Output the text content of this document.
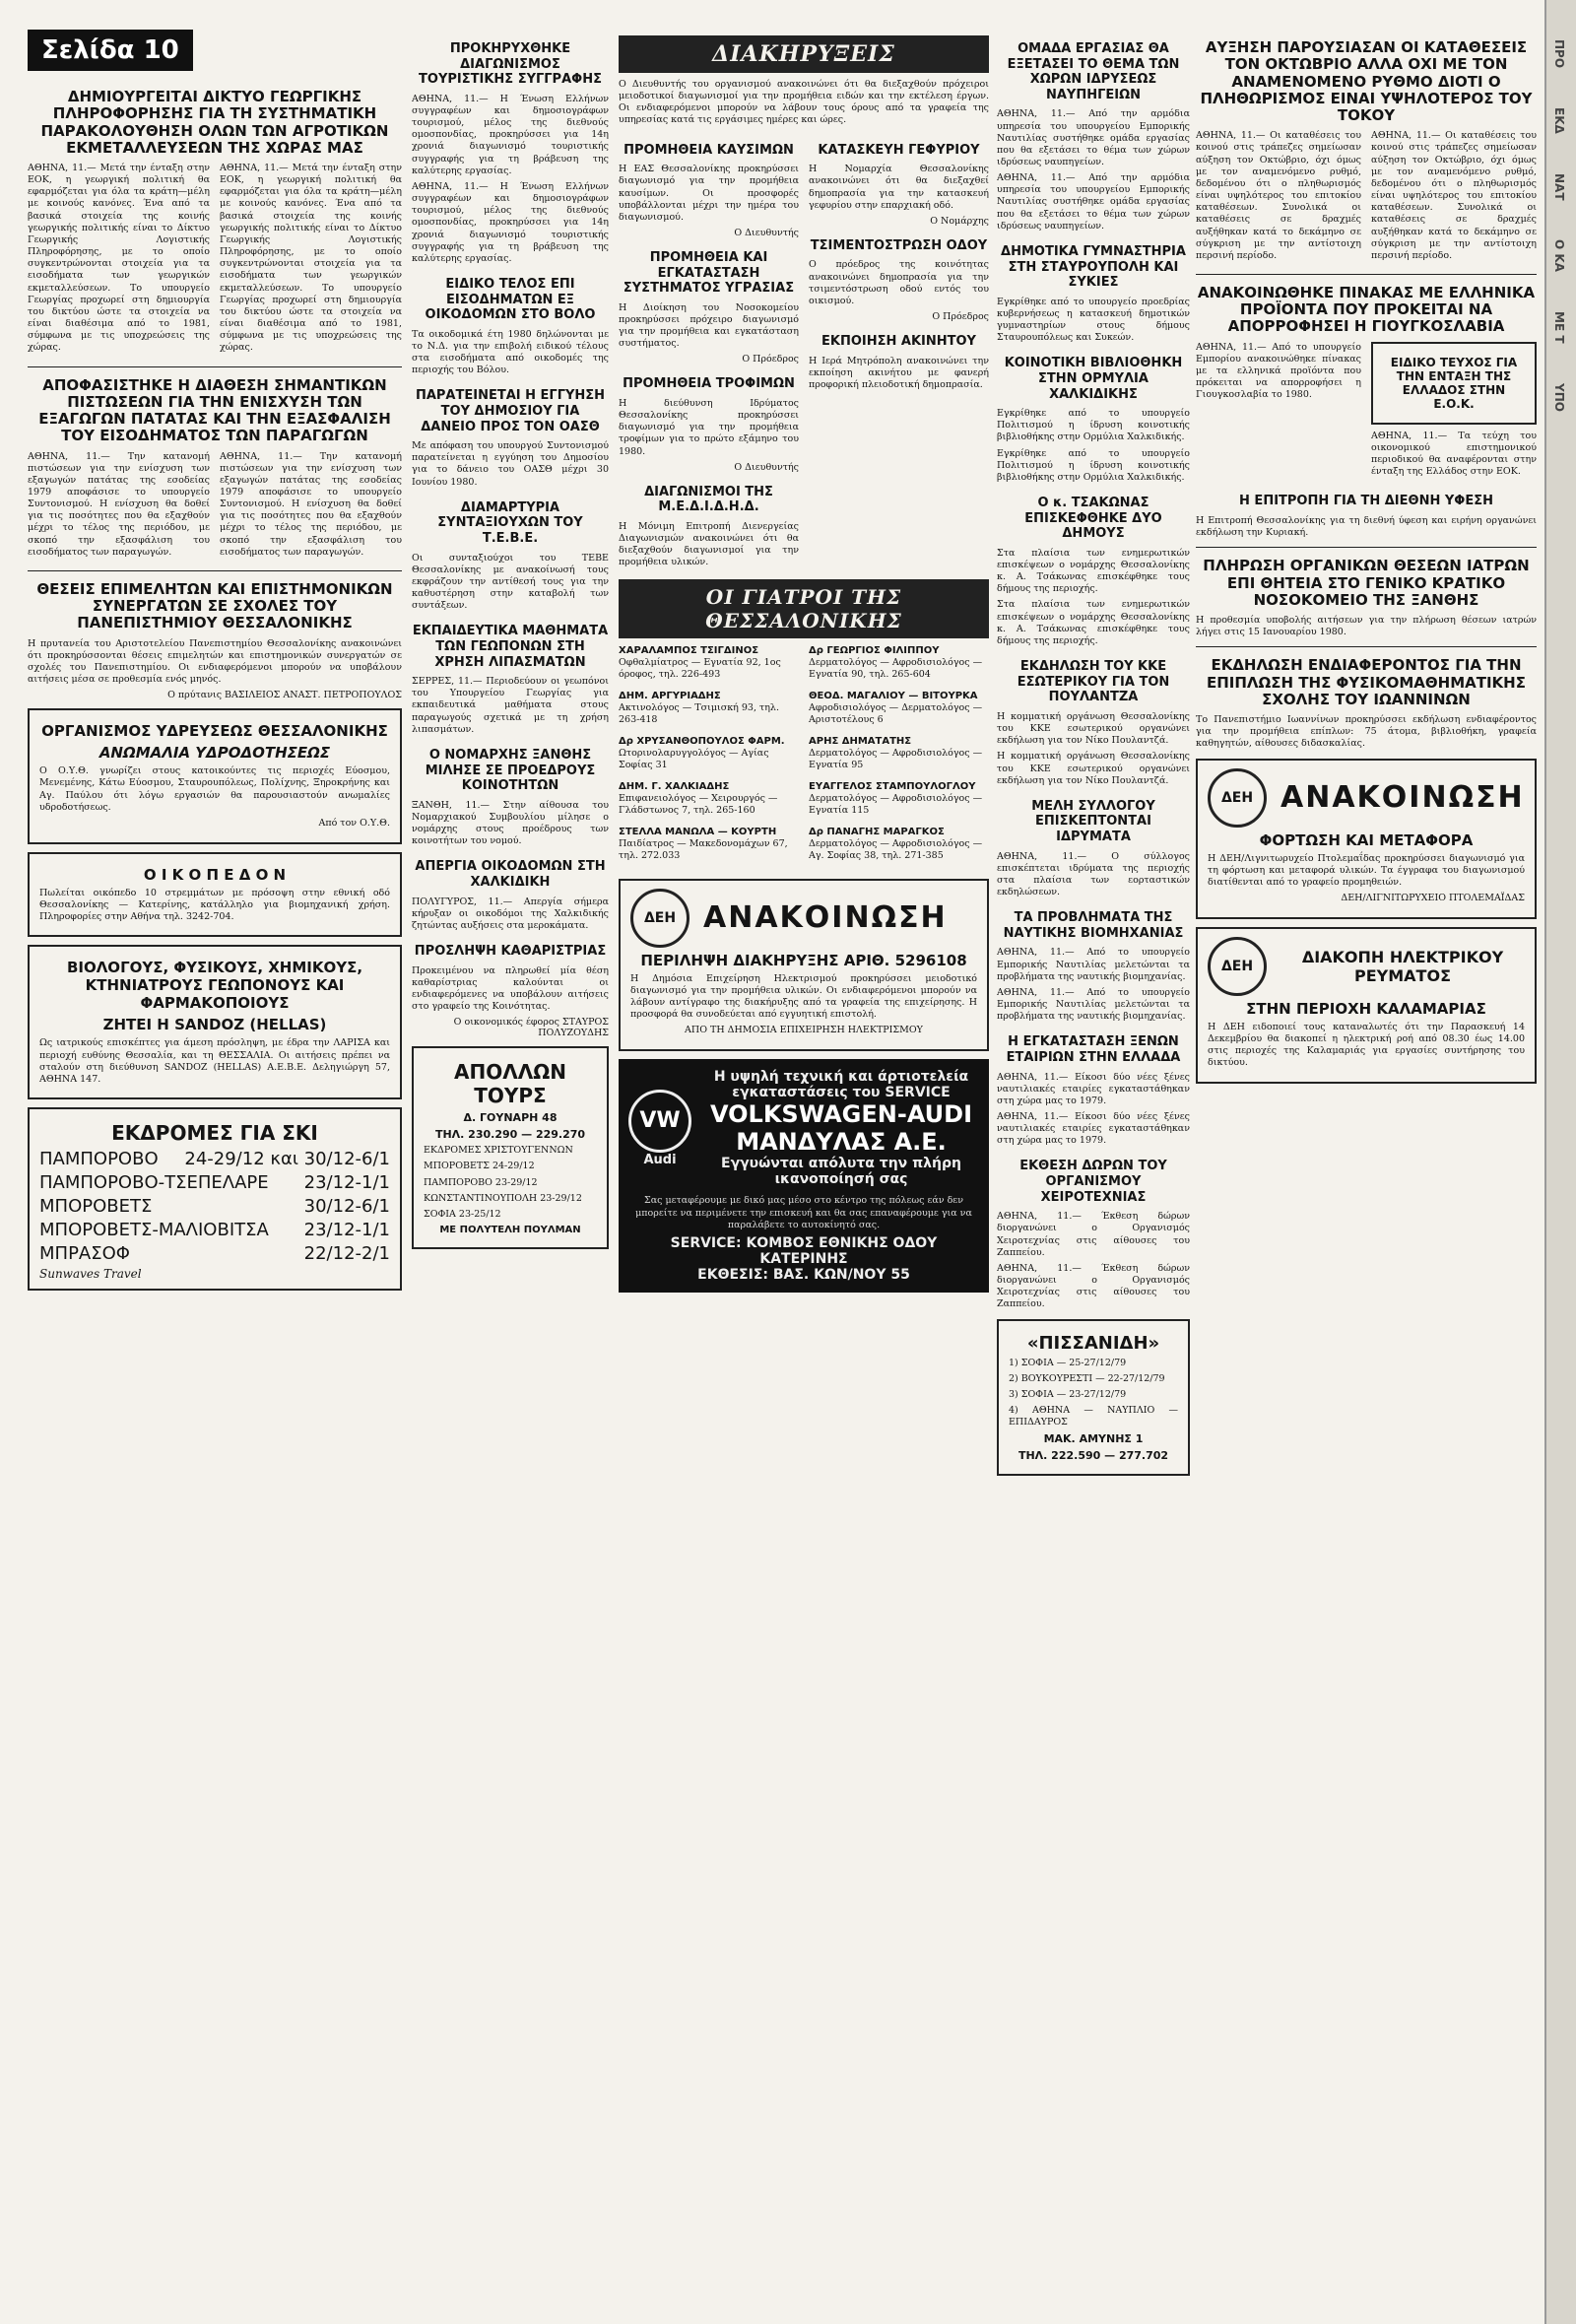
ΠΡΟ
ΕΚΔ
ΝΑΤ
Ο ΚΑ
ΜΕ Τ
ΥΠΟ
Σελίδα 10
ΔΗΜΙΟΥΡΓΕΙΤΑΙ ΔΙΚΤΥΟ ΓΕΩΡΓΙΚΗΣ ΠΛΗΡΟΦΟΡΗΣΗΣ ΓΙΑ ΤΗ ΣΥΣΤΗΜΑΤΙΚΗ ΠΑΡΑΚΟΛΟΥΘΗΣΗ ΟΛΩΝ ΤΩΝ ΑΓΡΟΤΙΚΩΝ ΕΚΜΕΤΑΛΛΕΥΣΕΩΝ ΤΗΣ ΧΩΡΑΣ ΜΑΣ

ΑΘΗΝΑ, 11.— Μετά την ένταξη στην ΕΟΚ, η γεωργική πολιτική θα εφαρμόζεται για όλα τα κράτη—μέλη με κοινούς κανόνες. Ένα από τα βασικά στοιχεία της κοινής γεωργικής πολιτικής είναι το Δίκτυο Γεωργικής Λογιστικής Πληροφόρησης, με το οποίο συγκεντρώνονται στοιχεία για τα εισοδήματα των γεωργικών εκμεταλλεύσεων. Το υπουργείο Γεωργίας προχωρεί στη δημιουργία του δικτύου ώστε τα στοιχεία να είναι διαθέσιμα από το 1981, σύμφωνα με τις υποχρεώσεις της χώρας.

ΑΘΗΝΑ, 11.— Μετά την ένταξη στην ΕΟΚ, η γεωργική πολιτική θα εφαρμόζεται για όλα τα κράτη—μέλη με κοινούς κανόνες. Ένα από τα βασικά στοιχεία της κοινής γεωργικής πολιτικής είναι το Δίκτυο Γεωργικής Λογιστικής Πληροφόρησης, με το οποίο συγκεντρώνονται στοιχεία για τα εισοδήματα των γεωργικών εκμεταλλεύσεων. Το υπουργείο Γεωργίας προχωρεί στη δημιουργία του δικτύου ώστε τα στοιχεία να είναι διαθέσιμα από το 1981, σύμφωνα με τις υποχρεώσεις της χώρας.

ΑΠΟΦΑΣΙΣΤΗΚΕ Η ΔΙΑΘΕΣΗ ΣΗΜΑΝΤΙΚΩΝ ΠΙΣΤΩΣΕΩΝ ΓΙΑ ΤΗΝ ΕΝΙΣΧΥΣΗ ΤΩΝ ΕΞΑΓΩΓΩΝ ΠΑΤΑΤΑΣ ΚΑΙ ΤΗΝ ΕΞΑΣΦΑΛΙΣΗ ΤΟΥ ΕΙΣΟΔΗΜΑΤΟΣ ΤΩΝ ΠΑΡΑΓΩΓΩΝ

ΑΘΗΝΑ, 11.— Την κατανομή πιστώσεων για την ενίσχυση των εξαγωγών πατάτας της εσοδείας 1979 αποφάσισε το υπουργείο Συντονισμού. Η ενίσχυση θα δοθεί για τις ποσότητες που θα εξαχθούν μέχρι το τέλος της περιόδου, με σκοπό την εξασφάλιση του εισοδήματος των παραγωγών.

ΑΘΗΝΑ, 11.— Την κατανομή πιστώσεων για την ενίσχυση των εξαγωγών πατάτας της εσοδείας 1979 αποφάσισε το υπουργείο Συντονισμού. Η ενίσχυση θα δοθεί για τις ποσότητες που θα εξαχθούν μέχρι το τέλος της περιόδου, με σκοπό την εξασφάλιση του εισοδήματος των παραγωγών.

ΘΕΣΕΙΣ ΕΠΙΜΕΛΗΤΩΝ ΚΑΙ ΕΠΙΣΤΗΜΟΝΙΚΩΝ ΣΥΝΕΡΓΑΤΩΝ ΣΕ ΣΧΟΛΕΣ ΤΟΥ ΠΑΝΕΠΙΣΤΗΜΙΟΥ ΘΕΣΣΑΛΟΝΙΚΗΣ

Η πρυτανεία του Αριστοτελείου Πανεπιστημίου Θεσσαλονίκης ανακοινώνει ότι προκηρύσσονται θέσεις επιμελητών και επιστημονικών συνεργατών σε σχολές του Πανεπιστημίου. Οι ενδιαφερόμενοι μπορούν να υποβάλουν αιτήσεις μέσα σε προθεσμία ενός μηνός.

Ο πρύτανις ΒΑΣΙΛΕΙΟΣ ΑΝΑΣΤ. ΠΕΤΡΟΠΟΥΛΟΣ
ΟΡΓΑΝΙΣΜΟΣ ΥΔΡΕΥΣΕΩΣ ΘΕΣΣΑΛΟΝΙΚΗΣ
ΑΝΩΜΑΛΙΑ ΥΔΡΟΔΟΤΗΣΕΩΣ

Ο Ο.Υ.Θ. γνωρίζει στους κατοικούντες τις περιοχές Εύοσμου, Μενεμένης, Κάτω Εύοσμου, Σταυρουπόλεως, Πολίχνης, Ξηροκρήνης και Αγ. Παύλου ότι λόγω εργασιών θα παρουσιαστούν ανωμαλίες υδροδοτήσεως.

Από τον Ο.Υ.Θ.
Ο Ι Κ Ο Π Ε Δ Ο Ν

Πωλείται οικόπεδο 10 στρεμμάτων με πρόσοψη στην εθνική οδό Θεσσαλονίκης — Κατερίνης, κατάλληλο για βιομηχανική χρήση. Πληροφορίες στην Αθήνα τηλ. 3242-704.

ΒΙΟΛΟΓΟΥΣ, ΦΥΣΙΚΟΥΣ, ΧΗΜΙΚΟΥΣ, ΚΤΗΝΙΑΤΡΟΥΣ ΓΕΩΠΟΝΟΥΣ ΚΑΙ ΦΑΡΜΑΚΟΠΟΙΟΥΣ
ΖΗΤΕΙ Η SANDOZ (HELLAS)

Ως ιατρικούς επισκέπτες για άμεση πρόσληψη, με έδρα την ΛΑΡΙΣΑ και περιοχή ευθύνης Θεσσαλία, και τη ΘΕΣΣΑΛΙΑ. Οι αιτήσεις πρέπει να σταλούν στη διεύθυνση SANDOZ (HELLAS) Α.Ε.Β.Ε. Δεληγιώργη 57, ΑΘΗΝΑ 147.

ΕΚΔΡΟΜΕΣ ΓΙΑ ΣΚΙ
ΠΑΜΠΟΡΟΒΟ 24-29/12 και 30/12-6/1
ΠΑΜΠΟΡΟΒΟ-ΤΣΕΠΕΛΑΡΕ 23/12-1/1
ΜΠΟΡΟΒΕΤΣ	30/12-6/1
ΜΠΟΡΟΒΕΤΣ-ΜΑΛΙΟΒΙΤΣΑ 23/12-1/1
ΜΠΡΑΣΟΦ	22/12-2/1
Sunwaves Travel
ΠΡΟΚΗΡΥΧΘΗΚΕ ΔΙΑΓΩΝΙΣΜΟΣ ΤΟΥΡΙΣΤΙΚΗΣ ΣΥΓΓΡΑΦΗΣ

ΑΘΗΝΑ, 11.— Η Ένωση Ελλήνων συγγραφέων και δημοσιογράφων τουρισμού, μέλος της διεθνούς ομοσπονδίας, προκηρύσσει για 14η χρονιά διαγωνισμό τουριστικής συγγραφής για τη βράβευση της καλύτερης εργασίας.

ΑΘΗΝΑ, 11.— Η Ένωση Ελλήνων συγγραφέων και δημοσιογράφων τουρισμού, μέλος της διεθνούς ομοσπονδίας, προκηρύσσει για 14η χρονιά διαγωνισμό τουριστικής συγγραφής για τη βράβευση της καλύτερης εργασίας.

ΕΙΔΙΚΟ ΤΕΛΟΣ ΕΠΙ ΕΙΣΟΔΗΜΑΤΩΝ ΕΞ ΟΙΚΟΔΟΜΩΝ ΣΤΟ ΒΟΛΟ

Τα οικοδομικά έτη 1980 δηλώνονται με το Ν.Δ. για την επιβολή ειδικού τέλους στα εισοδήματα από οικοδομές της περιοχής του Βόλου.

ΠΑΡΑΤΕΙΝΕΤΑΙ Η ΕΓΓΥΗΣΗ ΤΟΥ ΔΗΜΟΣΙΟΥ ΓΙΑ ΔΑΝΕΙΟ ΠΡΟΣ ΤΟΝ ΟΑΣΘ

Με απόφαση του υπουργού Συντονισμού παρατείνεται η εγγύηση του Δημοσίου για το δάνειο του ΟΑΣΘ μέχρι 30 Ιουνίου 1980.

ΔΙΑΜΑΡΤΥΡΙΑ ΣΥΝΤΑΞΙΟΥΧΩΝ ΤΟΥ Τ.Ε.Β.Ε.

Οι συνταξιούχοι του ΤΕΒΕ Θεσσαλονίκης με ανακοίνωσή τους εκφράζουν την αντίθεσή τους για την καθυστέρηση στην καταβολή των συντάξεων.

ΕΚΠΑΙΔΕΥΤΙΚΑ ΜΑΘΗΜΑΤΑ ΤΩΝ ΓΕΩΠΟΝΩΝ ΣΤΗ ΧΡΗΣΗ ΛΙΠΑΣΜΑΤΩΝ

ΣΕΡΡΕΣ, 11.— Περιοδεύουν οι γεωπόνοι του Υπουργείου Γεωργίας για εκπαιδευτικά μαθήματα στους παραγωγούς σχετικά με τη χρήση λιπασμάτων.

Ο ΝΟΜΑΡΧΗΣ ΞΑΝΘΗΣ ΜΙΛΗΣΕ ΣΕ ΠΡΟΕΔΡΟΥΣ ΚΟΙΝΟΤΗΤΩΝ

ΞΑΝΘΗ, 11.— Στην αίθουσα του Νομαρχιακού Συμβουλίου μίλησε ο νομάρχης στους προέδρους των κοινοτήτων του νομού.

ΑΠΕΡΓΙΑ ΟΙΚΟΔΟΜΩΝ ΣΤΗ ΧΑΛΚΙΔΙΚΗ

ΠΟΛΥΓΥΡΟΣ, 11.— Απεργία σήμερα κήρυξαν οι οικοδόμοι της Χαλκιδικής ζητώντας αυξήσεις στα μεροκάματα.

ΠΡΟΣΛΗΨΗ ΚΑΘΑΡΙΣΤΡΙΑΣ

Προκειμένου να πληρωθεί μία θέση καθαρίστριας καλούνται οι ενδιαφερόμενες να υποβάλουν αιτήσεις στο γραφείο της Κοινότητας.

Ο οικονομικός έφορος ΣΤΑΥΡΟΣ ΠΟΛΥΖΟΥΔΗΣ
ΑΠΟΛΛΩΝ ΤΟΥΡΣ
Δ. ΓΟΥΝΑΡΗ 48
ΤΗΛ. 230.290 — 229.270

ΕΚΔΡΟΜΕΣ ΧΡΙΣΤΟΥΓΕΝΝΩΝ

ΜΠΟΡΟΒΕΤΣ 24-29/12

ΠΑΜΠΟΡΟΒΟ 23-29/12

ΚΩΝΣΤΑΝΤΙΝΟΥΠΟΛΗ 23-29/12

ΣΟΦΙΑ 23-25/12

ΜΕ ΠΟΛΥΤΕΛΗ ΠΟΥΛΜΑΝ
ΔΙΑΚΗΡΥΞΕΙΣ

Ο Διευθυντής του οργανισμού ανακοινώνει ότι θα διεξαχθούν πρόχειροι μειοδοτικοί διαγωνισμοί για την προμήθεια ειδών και την εκτέλεση έργων. Οι ενδιαφερόμενοι μπορούν να λάβουν τους όρους από τα γραφεία της υπηρεσίας κατά τις εργάσιμες ημέρες και ώρες.

ΠΡΟΜΗΘΕΙΑ ΚΑΥΣΙΜΩΝ

Η ΕΑΣ Θεσσαλονίκης προκηρύσσει διαγωνισμό για την προμήθεια καυσίμων. Οι προσφορές υποβάλλονται μέχρι την ημέρα του διαγωνισμού.

Ο Διευθυντής
ΠΡΟΜΗΘΕΙΑ ΚΑΙ ΕΓΚΑΤΑΣΤΑΣΗ ΣΥΣΤΗΜΑΤΟΣ ΥΓΡΑΣΙΑΣ

Η Διοίκηση του Νοσοκομείου προκηρύσσει πρόχειρο διαγωνισμό για την προμήθεια και εγκατάσταση συστήματος.

Ο Πρόεδρος
ΠΡΟΜΗΘΕΙΑ ΤΡΟΦΙΜΩΝ

Η διεύθυνση Ιδρύματος Θεσσαλονίκης προκηρύσσει διαγωνισμό για την προμήθεια τροφίμων για το πρώτο εξάμηνο του 1980.

Ο Διευθυντής
ΔΙΑΓΩΝΙΣΜΟΙ ΤΗΣ Μ.Ε.Δ.Ι.Δ.Η.Δ.

Η Μόνιμη Επιτροπή Διενεργείας Διαγωνισμών ανακοινώνει ότι θα διεξαχθούν διαγωνισμοί για την προμήθεια υλικών.

ΚΑΤΑΣΚΕΥΗ ΓΕΦΥΡΙΟΥ

Η Νομαρχία Θεσσαλονίκης ανακοινώνει ότι θα διεξαχθεί δημοπρασία για την κατασκευή γεφυρίου στην επαρχιακή οδό.

Ο Νομάρχης
ΤΣΙΜΕΝΤΟΣΤΡΩΣΗ ΟΔΟΥ

Ο πρόεδρος της κοινότητας ανακοινώνει δημοπρασία για την τσιμεντόστρωση οδού εντός του οικισμού.

Ο Πρόεδρος
ΕΚΠΟΙΗΣΗ ΑΚΙΝΗΤΟΥ

Η Ιερά Μητρόπολη ανακοινώνει την εκποίηση ακινήτου με φανερή προφορική πλειοδοτική δημοπρασία.

ΟΙ ΓΙΑΤΡΟΙ ΤΗΣ ΘΕΣΣΑΛΟΝΙΚΗΣ
ΧΑΡΑΛΑΜΠΟΣ ΤΣΙΓΔΙΝΟΣ
Οφθαλμίατρος — Εγνατία 92, 1ος όροφος, τηλ. 226-493
ΔΗΜ. ΑΡΓΥΡΙΑΔΗΣ
Ακτινολόγος — Τσιμισκή 93, τηλ. 263-418
Δρ ΧΡΥΣΑΝΘΟΠΟΥΛΟΣ ΦΑΡΜ.
Ωτορινολαρυγγολόγος — Αγίας Σοφίας 31
ΔΗΜ. Γ. ΧΑΛΚΙΑΔΗΣ
Επιφανειολόγος — Χειρουργός — Γλάδστωνος 7, τηλ. 265-160
ΣΤΕΛΛΑ ΜΑΝΩΛΑ — ΚΟΥΡΤΗ
Παιδίατρος — Μακεδονομάχων 67, τηλ. 272.033
Δρ ΓΕΩΡΓΙΟΣ ΦΙΛΙΠΠΟΥ
Δερματολόγος — Αφροδισιολόγος — Εγνατία 90, τηλ. 265-604
ΘΕΟΔ. ΜΑΓΑΛΙΟΥ — ΒΙΤΟΥΡΚΑ
Αφροδισιολόγος — Δερματολόγος — Αριστοτέλους 6
ΑΡΗΣ ΔΗΜΑΤΑΤΗΣ
Δερματολόγος — Αφροδισιολόγος — Εγνατία 95
ΕΥΑΓΓΕΛΟΣ ΣΤΑΜΠΟΥΛΟΓΛΟΥ
Δερματολόγος — Αφροδισιολόγος — Εγνατία 115
Δρ ΠΑΝΑΓΗΣ ΜΑΡΑΓΚΟΣ
Δερματολόγος — Αφροδισιολόγος — Αγ. Σοφίας 38, τηλ. 271-385
ΔΕΗ ΑΝΑΚΟΙΝΩΣΗ
ΠΕΡΙΛΗΨΗ ΔΙΑΚΗΡΥΞΗΣ ΑΡΙΘ. 5296108

Η Δημόσια Επιχείρηση Ηλεκτρισμού προκηρύσσει μειοδοτικό διαγωνισμό για την προμήθεια υλικών. Οι ενδιαφερόμενοι μπορούν να λάβουν αντίγραφο της διακήρυξης από τα γραφεία της επιχείρησης. Η προσφορά θα συνοδεύεται από εγγυητική επιστολή.

ΑΠΟ ΤΗ ΔΗΜΟΣΙΑ ΕΠΙΧΕΙΡΗΣΗ ΗΛΕΚΤΡΙΣΜΟΥ
VW
Audi
Η υψηλή τεχνική και άρτιοτελεία εγκαταστάσεις του SERVICE
VOLKSWAGEN-AUDI
ΜΑΝΔΥΛΑΣ Α.Ε.
Εγγυώνται απόλυτα την πλήρη ικανοποίησή σας

Σας μεταφέρουμε με δικό μας μέσο στο κέντρο της πόλεως εάν δεν μπορείτε να περιμένετε την επισκευή και θα σας επαναφέρουμε για να παραλάβετε το αυτοκίνητό σας.

SERVICE: ΚΟΜΒΟΣ ΕΘΝΙΚΗΣ ΟΔΟΥ ΚΑΤΕΡΙΝΗΣ
ΕΚΘΕΣΙΣ: ΒΑΣ. ΚΩΝ/ΝΟΥ 55
ΟΜΑΔΑ ΕΡΓΑΣΙΑΣ ΘΑ ΕΞΕΤΑΣΕΙ ΤΟ ΘΕΜΑ ΤΩΝ ΧΩΡΩΝ ΙΔΡΥΣΕΩΣ ΝΑΥΠΗΓΕΙΩΝ

ΑΘΗΝΑ, 11.— Από την αρμόδια υπηρεσία του υπουργείου Εμπορικής Ναυτιλίας συστήθηκε ομάδα εργασίας που θα εξετάσει το θέμα των χώρων ιδρύσεως ναυπηγείων.

ΑΘΗΝΑ, 11.— Από την αρμόδια υπηρεσία του υπουργείου Εμπορικής Ναυτιλίας συστήθηκε ομάδα εργασίας που θα εξετάσει το θέμα των χώρων ιδρύσεως ναυπηγείων.

ΔΗΜΟΤΙΚΑ ΓΥΜΝΑΣΤΗΡΙΑ ΣΤΗ ΣΤΑΥΡΟΥΠΟΛΗ ΚΑΙ ΣΥΚΙΕΣ

Εγκρίθηκε από το υπουργείο προεδρίας κυβερνήσεως η κατασκευή δημοτικών γυμναστηρίων στους δήμους Σταυρουπόλεως και Συκεών.

ΚΟΙΝΟΤΙΚΗ ΒΙΒΛΙΟΘΗΚΗ ΣΤΗΝ ΟΡΜΥΛΙΑ ΧΑΛΚΙΔΙΚΗΣ

Εγκρίθηκε από το υπουργείο Πολιτισμού η ίδρυση κοινοτικής βιβλιοθήκης στην Ορμύλια Χαλκιδικής.

Εγκρίθηκε από το υπουργείο Πολιτισμού η ίδρυση κοινοτικής βιβλιοθήκης στην Ορμύλια Χαλκιδικής.

Ο κ. ΤΣΑΚΩΝΑΣ ΕΠΙΣΚΕΦΘΗΚΕ ΔΥΟ ΔΗΜΟΥΣ

Στα πλαίσια των ενημερωτικών επισκέψεων ο νομάρχης Θεσσαλονίκης κ. Α. Τσάκωνας επισκέφθηκε τους δήμους της περιοχής.

Στα πλαίσια των ενημερωτικών επισκέψεων ο νομάρχης Θεσσαλονίκης κ. Α. Τσάκωνας επισκέφθηκε τους δήμους της περιοχής.

ΕΚΔΗΛΩΣΗ ΤΟΥ ΚΚΕ ΕΣΩΤΕΡΙΚΟΥ ΓΙΑ ΤΟΝ ΠΟΥΛΑΝΤΖΑ

Η κομματική οργάνωση Θεσσαλονίκης του ΚΚΕ εσωτερικού οργανώνει εκδήλωση για τον Νίκο Πουλαντζά.

Η κομματική οργάνωση Θεσσαλονίκης του ΚΚΕ εσωτερικού οργανώνει εκδήλωση για τον Νίκο Πουλαντζά.

ΜΕΛΗ ΣΥΛΛΟΓΟΥ ΕΠΙΣΚΕΠΤΟΝΤΑΙ ΙΔΡΥΜΑΤΑ

ΑΘΗΝΑ, 11.— Ο σύλλογος επισκέπτεται ιδρύματα της περιοχής στα πλαίσια των εορταστικών εκδηλώσεων.

ΤΑ ΠΡΟΒΛΗΜΑΤΑ ΤΗΣ ΝΑΥΤΙΚΗΣ ΒΙΟΜΗΧΑΝΙΑΣ

ΑΘΗΝΑ, 11.— Από το υπουργείο Εμπορικής Ναυτιλίας μελετώνται τα προβλήματα της ναυτικής βιομηχανίας.

ΑΘΗΝΑ, 11.— Από το υπουργείο Εμπορικής Ναυτιλίας μελετώνται τα προβλήματα της ναυτικής βιομηχανίας.

Η ΕΓΚΑΤΑΣΤΑΣΗ ΞΕΝΩΝ ΕΤΑΙΡΙΩΝ ΣΤΗΝ ΕΛΛΑΔΑ

ΑΘΗΝΑ, 11.— Είκοσι δύο νέες ξένες ναυτιλιακές εταιρίες εγκαταστάθηκαν στη χώρα μας το 1979.

ΑΘΗΝΑ, 11.— Είκοσι δύο νέες ξένες ναυτιλιακές εταιρίες εγκαταστάθηκαν στη χώρα μας το 1979.

ΕΚΘΕΣΗ ΔΩΡΩΝ ΤΟΥ ΟΡΓΑΝΙΣΜΟΥ ΧΕΙΡΟΤΕΧΝΙΑΣ

ΑΘΗΝΑ, 11.— Έκθεση δώρων διοργανώνει ο Οργανισμός Χειροτεχνίας στις αίθουσες του Ζαππείου.

ΑΘΗΝΑ, 11.— Έκθεση δώρων διοργανώνει ο Οργανισμός Χειροτεχνίας στις αίθουσες του Ζαππείου.

«ΠΙΣΣΑΝΙΔΗ»

1) ΣΟΦΙΑ — 25-27/12/79

2) ΒΟΥΚΟΥΡΕΣΤΙ — 22-27/12/79

3) ΣΟΦΙΑ — 23-27/12/79

4) ΑΘΗΝΑ — ΝΑΥΠΛΙΟ — ΕΠΙΔΑΥΡΟΣ

ΜΑΚ. ΑΜΥΝΗΣ 1
ΤΗΛ. 222.590 — 277.702
ΑΥΞΗΣΗ ΠΑΡΟΥΣΙΑΣΑΝ ΟΙ ΚΑΤΑΘΕΣΕΙΣ ΤΟΝ ΟΚΤΩΒΡΙΟ ΑΛΛΑ ΟΧΙ ΜΕ ΤΟΝ ΑΝΑΜΕΝΟΜΕΝΟ ΡΥΘΜΟ ΔΙΟΤΙ Ο ΠΛΗΘΩΡΙΣΜΟΣ ΕΙΝΑΙ ΥΨΗΛΟΤΕΡΟΣ ΤΟΥ ΤΟΚΟΥ

ΑΘΗΝΑ, 11.— Οι καταθέσεις του κοινού στις τράπεζες σημείωσαν αύξηση τον Οκτώβριο, όχι όμως με τον αναμενόμενο ρυθμό, δεδομένου ότι ο πληθωρισμός είναι υψηλότερος του επιτοκίου καταθέσεων. Συνολικά οι καταθέσεις σε δραχμές αυξήθηκαν κατά το δεκάμηνο σε σύγκριση με την αντίστοιχη περσινή περίοδο.

ΑΘΗΝΑ, 11.— Οι καταθέσεις του κοινού στις τράπεζες σημείωσαν αύξηση τον Οκτώβριο, όχι όμως με τον αναμενόμενο ρυθμό, δεδομένου ότι ο πληθωρισμός είναι υψηλότερος του επιτοκίου καταθέσεων. Συνολικά οι καταθέσεις σε δραχμές αυξήθηκαν κατά το δεκάμηνο σε σύγκριση με την αντίστοιχη περσινή περίοδο.

ΑΝΑΚΟΙΝΩΘΗΚΕ ΠΙΝΑΚΑΣ ΜΕ ΕΛΛΗΝΙΚΑ ΠΡΟΪΟΝΤΑ ΠΟΥ ΠΡΟΚΕΙΤΑΙ ΝΑ ΑΠΟΡΡΟΦΗΣΕΙ Η ΓΙΟΥΓΚΟΣΛΑΒΙΑ

ΑΘΗΝΑ, 11.— Από το υπουργείο Εμπορίου ανακοινώθηκε πίνακας με τα ελληνικά προϊόντα που πρόκειται να απορροφήσει η Γιουγκοσλαβία το 1980.

ΕΙΔΙΚΟ ΤΕΥΧΟΣ ΓΙΑ ΤΗΝ ΕΝΤΑΞΗ ΤΗΣ ΕΛΛΑΔΟΣ ΣΤΗΝ Ε.Ο.Κ.

ΑΘΗΝΑ, 11.— Τα τεύχη του οικονομικού επιστημονικού περιοδικού θα αναφέρονται στην ένταξη της Ελλάδος στην ΕΟΚ.

Η ΕΠΙΤΡΟΠΗ ΓΙΑ ΤΗ ΔΙΕΘΝΗ ΥΦΕΣΗ

Η Επιτροπή Θεσσαλονίκης για τη διεθνή ύφεση και ειρήνη οργανώνει εκδήλωση την Κυριακή.

ΠΛΗΡΩΣΗ ΟΡΓΑΝΙΚΩΝ ΘΕΣΕΩΝ ΙΑΤΡΩΝ ΕΠΙ ΘΗΤΕΙΑ ΣΤΟ ΓΕΝΙΚΟ ΚΡΑΤΙΚΟ ΝΟΣΟΚΟΜΕΙΟ ΤΗΣ ΞΑΝΘΗΣ

Η προθεσμία υποβολής αιτήσεων για την πλήρωση θέσεων ιατρών λήγει στις 15 Ιανουαρίου 1980.

ΕΚΔΗΛΩΣΗ ΕΝΔΙΑΦΕΡΟΝΤΟΣ ΓΙΑ ΤΗΝ ΕΠΙΠΛΩΣΗ ΤΗΣ ΦΥΣΙΚΟΜΑΘΗΜΑΤΙΚΗΣ ΣΧΟΛΗΣ ΤΟΥ ΙΩΑΝΝΙΝΩΝ

Το Πανεπιστήμιο Ιωαννίνων προκηρύσσει εκδήλωση ενδιαφέροντος για την προμήθεια επίπλων: 75 άτομα, βιβλιοθήκη, γραφεία καθηγητών, αίθουσες διδασκαλίας.

ΔΕΗ ΑΝΑΚΟΙΝΩΣΗ
ΦΟΡΤΩΣΗ ΚΑΙ ΜΕΤΑΦΟΡΑ

Η ΔΕΗ/Λιγνιτωρυχείο Πτολεμαΐδας προκηρύσσει διαγωνισμό για τη φόρτωση και μεταφορά υλικών. Τα έγγραφα του διαγωνισμού διατίθενται από το γραφείο προμηθειών.

ΔΕΗ/ΛΙΓΝΙΤΩΡΥΧΕΙΟ ΠΤΟΛΕΜΑΪΔΑΣ
ΔΕΗ	ΔΙΑΚΟΠΗ ΗΛΕΚΤΡΙΚΟΥ ΡΕΥΜΑΤΟΣ
ΣΤΗΝ ΠΕΡΙΟΧΗ ΚΑΛΑΜΑΡΙΑΣ

Η ΔΕΗ ειδοποιεί τους καταναλωτές ότι την Παρασκευή 14 Δεκεμβρίου θα διακοπεί η ηλεκτρική ροή από 08.30 έως 14.00 στις περιοχές της Καλαμαριάς για εργασίες συντήρησης του δικτύου.
